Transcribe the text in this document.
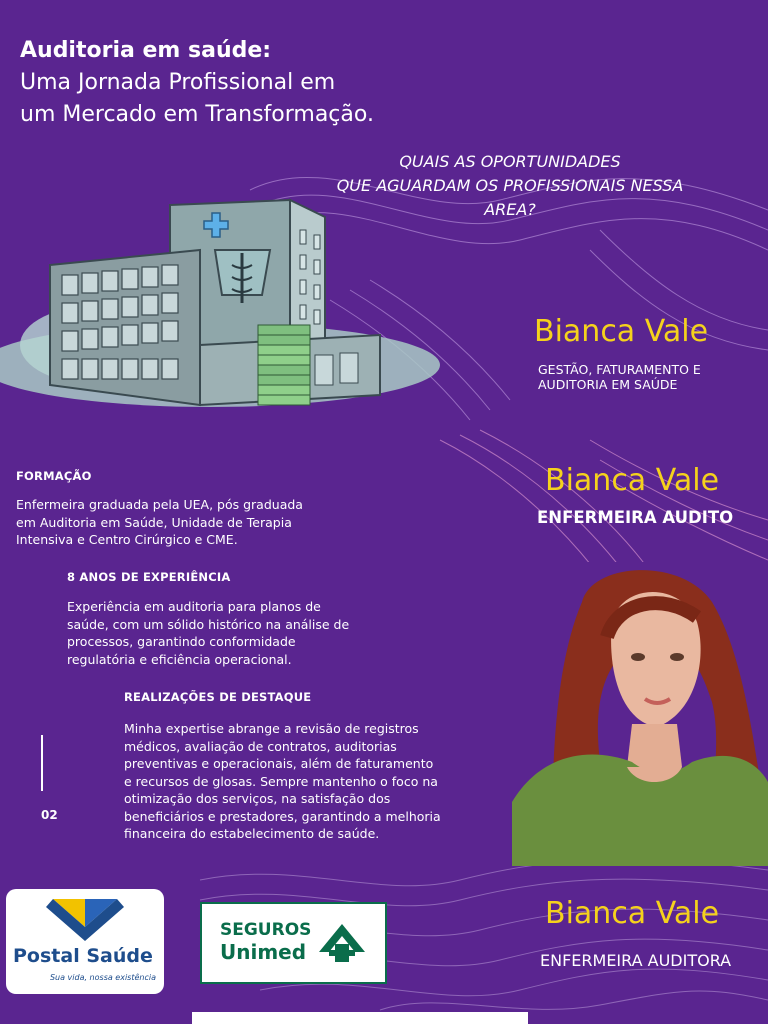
Auditoria em saúde:
Uma Jornada Profissional em
um Mercado em Transformação.
QUAIS AS OPORTUNIDADES
QUE AGUARDAM OS PROFISSIONAIS NESSA
AREA?
Bianca Vale
GESTÃO, FATURAMENTO E
AUDITORIA EM SAÚDE
Bianca Vale
ENFERMEIRA AUDITO
FORMAÇÃO
Enfermeira graduada pela UEA, pós graduada
em Auditoria em Saúde, Unidade de Terapia
Intensiva e Centro Cirúrgico e CME.
8 ANOS DE EXPERIÊNCIA
Experiência em auditoria para planos de
saúde, com um sólido histórico na análise de
processos, garantindo conformidade
regulatória e eficiência operacional.
REALIZAÇÕES DE DESTAQUE
Minha expertise abrange a revisão de registros
médicos, avaliação de contratos, auditorias
preventivas e operacionais, além de faturamento
e recursos de glosas. Sempre mantenho o foco na
otimização dos serviços, na satisfação dos
beneficiários e prestadores, garantindo a melhoria
financeira do estabelecimento de saúde.
02
Postal Saúde
Sua vida, nossa existência
SEGUROS
Unimed
Bianca Vale
ENFERMEIRA AUDITORA
